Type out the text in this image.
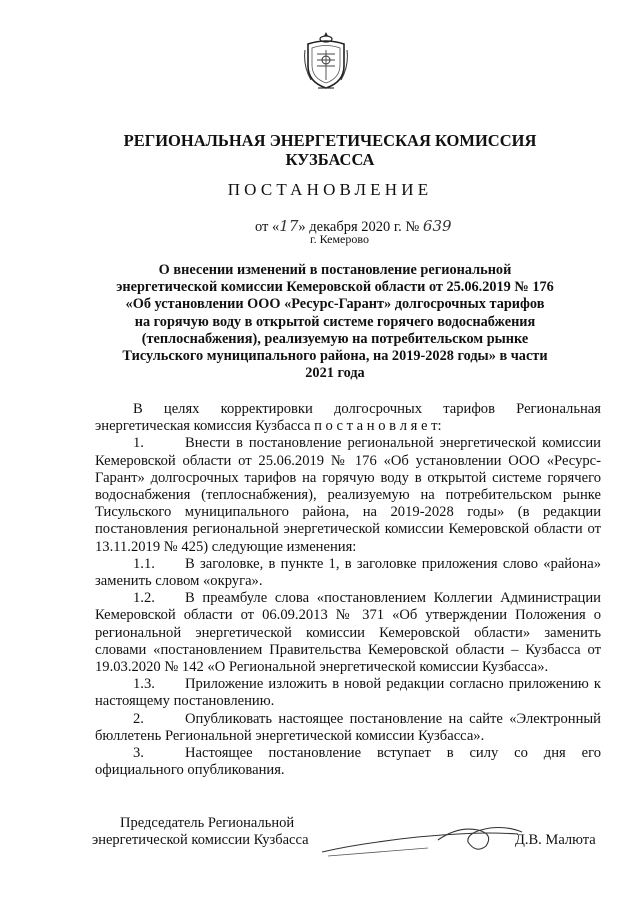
РЕГИОНАЛЬНАЯ ЭНЕРГЕТИЧЕСКАЯ КОМИССИЯ
КУЗБАССА
ПОСТАНОВЛЕНИЕ
от «17» декабря 2020 г. № 639
г. Кемерово
О внесении изменений в постановление региональной
энергетической комиссии Кемеровской области от 25.06.2019 № 176
«Об установлении ООО «Ресурс-Гарант» долгосрочных тарифов
на горячую воду в открытой системе горячего водоснабжения
(теплоснабжения), реализуемую на потребительском рынке
Тисульского муниципального района, на 2019-2028 годы» в части
2021 года
В целях корректировки долгосрочных тарифов Региональная энергетическая комиссия Кузбасса п о с т а н о в л я е т:
1.	Внести в постановление региональной энергетической комиссии Кемеровской области от 25.06.2019 № 176 «Об установлении ООО «Ресурс-Гарант» долгосрочных тарифов на горячую воду в открытой системе горячего водоснабжения (теплоснабжения), реализуемую на потребительском рынке Тисульского муниципального района, на 2019-2028 годы» (в редакции постановления региональной энергетической комиссии Кемеровской области от 13.11.2019 № 425) следующие изменения:
1.1. В заголовке, в пункте 1, в заголовке приложения слово «района» заменить словом «округа».
1.2. В преамбуле слова «постановлением Коллегии Администрации Кемеровской области от 06.09.2013 № 371 «Об утверждении Положения о региональной энергетической комиссии Кемеровской области» заменить словами «постановлением Правительства Кемеровской области – Кузбасса от 19.03.2020 № 142 «О Региональной энергетической комиссии Кузбасса».
1.3. Приложение изложить в новой редакции согласно приложению к настоящему постановлению.
2.	Опубликовать настоящее постановление на сайте «Электронный бюллетень Региональной энергетической комиссии Кузбасса».
3.	Настоящее постановление вступает в силу со дня его официального опубликования.
Председатель Региональной
энергетической комиссии Кузбасса	Д.В. Малюта
